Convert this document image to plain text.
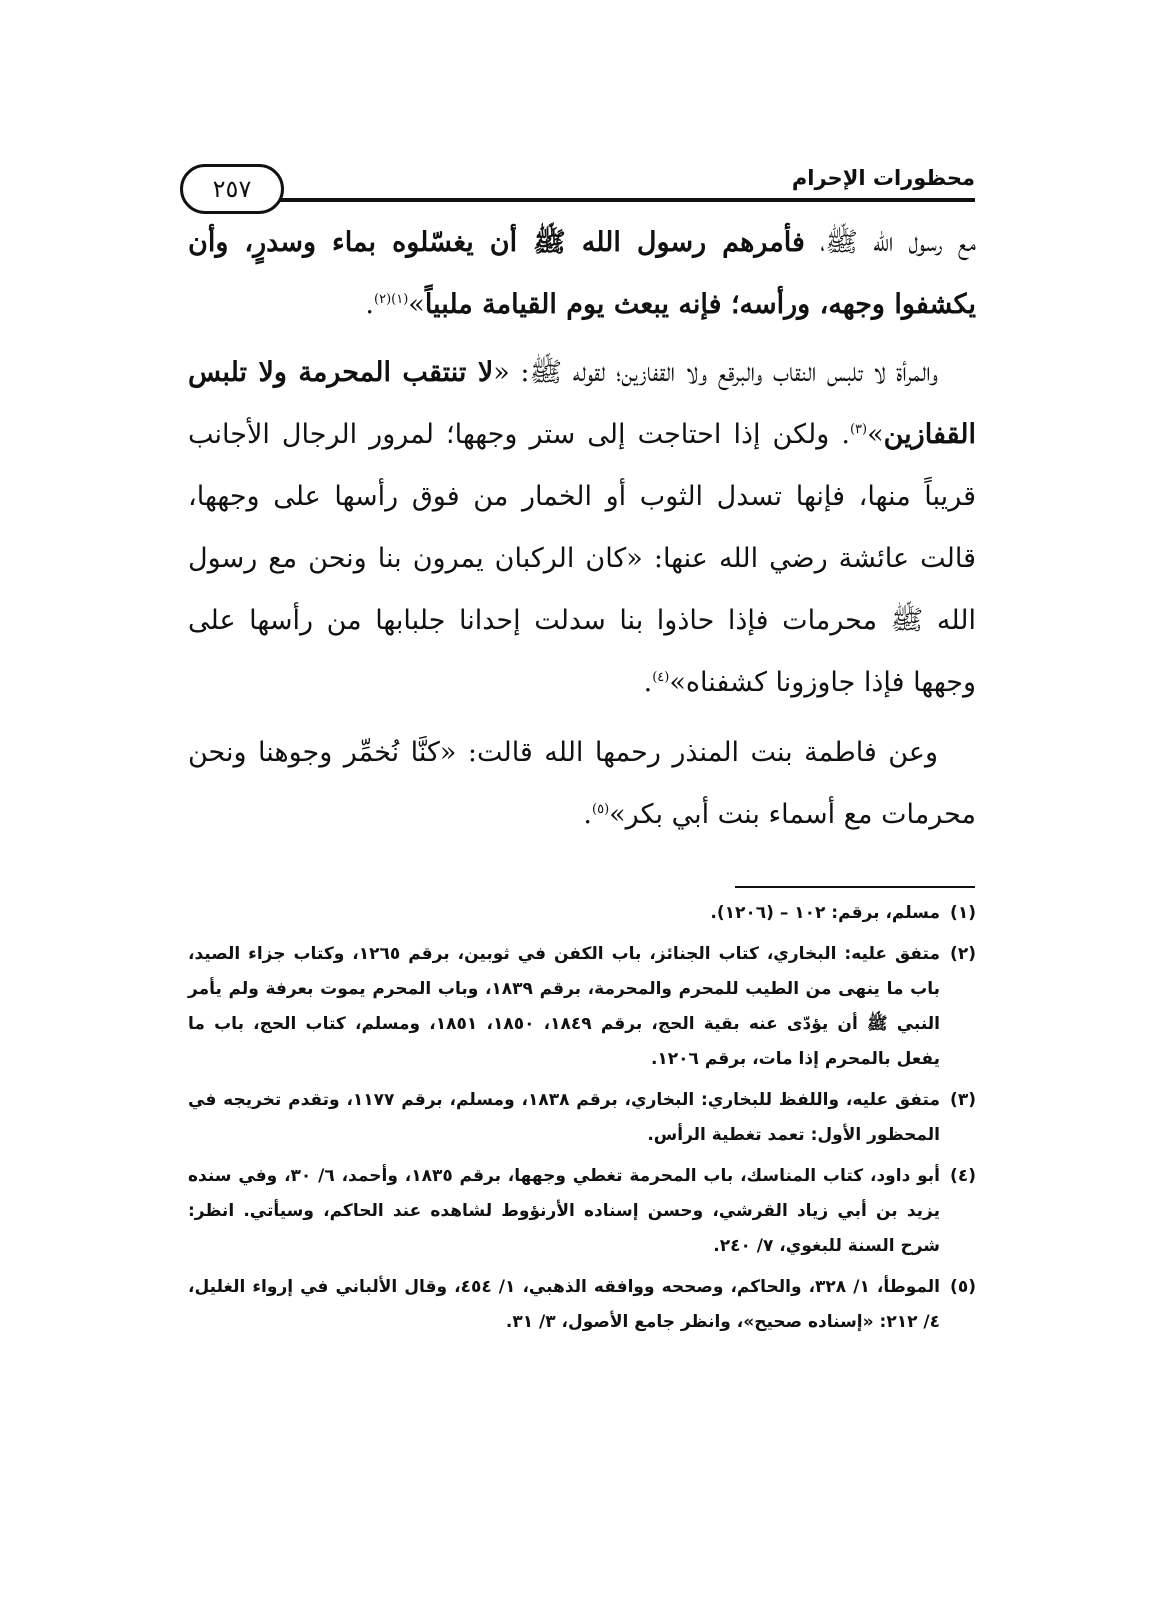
٢٥٧	محظورات الإحرام

مع رسول الله ﷺ، فأمرهم رسول الله ﷺ أن يغسّلوه بماء وسدرٍ، وأن يكشفوا وجهه، ورأسه؛ فإنه يبعث يوم القيامة ملبياً»$^{(١)(٢)}$.

والمرأة لا تلبس النقاب والبرقع ولا القفازين؛ لقوله ﷺ: «لا تنتقب المحرمة ولا تلبس القفازين»$^{(٣)}$. ولكن إذا احتاجت إلى ستر وجهها؛ لمرور الرجال الأجانب قريباً منها، فإنها تسدل الثوب أو الخمار من فوق رأسها على وجهها، قالت عائشة رضي الله عنها: «كان الركبان يمرون بنا ونحن مع رسول الله ﷺ محرمات فإذا حاذوا بنا سدلت إحدانا جلبابها من رأسها على وجهها فإذا جاوزونا كشفناه»$^{(٤)}$.

وعن فاطمة بنت المنذر رحمها الله قالت: «كنَّا نُخمِّر وجوهنا ونحن محرمات مع أسماء بنت أبي بكر»$^{(٥)}$.

(١)
مسلم، برقم: ١٠٢ – (١٢٠٦).
(٢)
متفق عليه: البخاري، كتاب الجنائز، باب الكفن في ثوبين، برقم ١٢٦٥، وكتاب جزاء الصيد، باب ما ينهى من الطيب للمحرم والمحرمة، برقم ١٨٣٩، وباب المحرم يموت بعرفة ولم يأمر النبي ﷺ أن يؤدّى عنه بقية الحج، برقم ١٨٤٩، ١٨٥٠، ١٨٥١، ومسلم، كتاب الحج، باب ما يفعل بالمحرم إذا مات، برقم ١٢٠٦.
(٣)
متفق عليه، واللفظ للبخاري: البخاري، برقم ١٨٣٨، ومسلم، برقم ١١٧٧، وتقدم تخريجه في المحظور الأول: تعمد تغطية الرأس.
(٤)
أبو داود، كتاب المناسك، باب المحرمة تغطي وجهها، برقم ١٨٣٥، وأحمد، ٦/ ٣٠، وفي سنده يزيد بن أبي زياد القرشي، وحسن إسناده الأرنؤوط لشاهده عند الحاكم، وسيأتي. انظر: شرح السنة للبغوي، ٧/ ٢٤٠.
(٥)
الموطأ، ١/ ٣٢٨، والحاكم، وصححه ووافقه الذهبي، ١/ ٤٥٤، وقال الألباني في إرواء الغليل، ٤/ ٢١٢: «إسناده صحيح»، وانظر جامع الأصول، ٣/ ٣١.
